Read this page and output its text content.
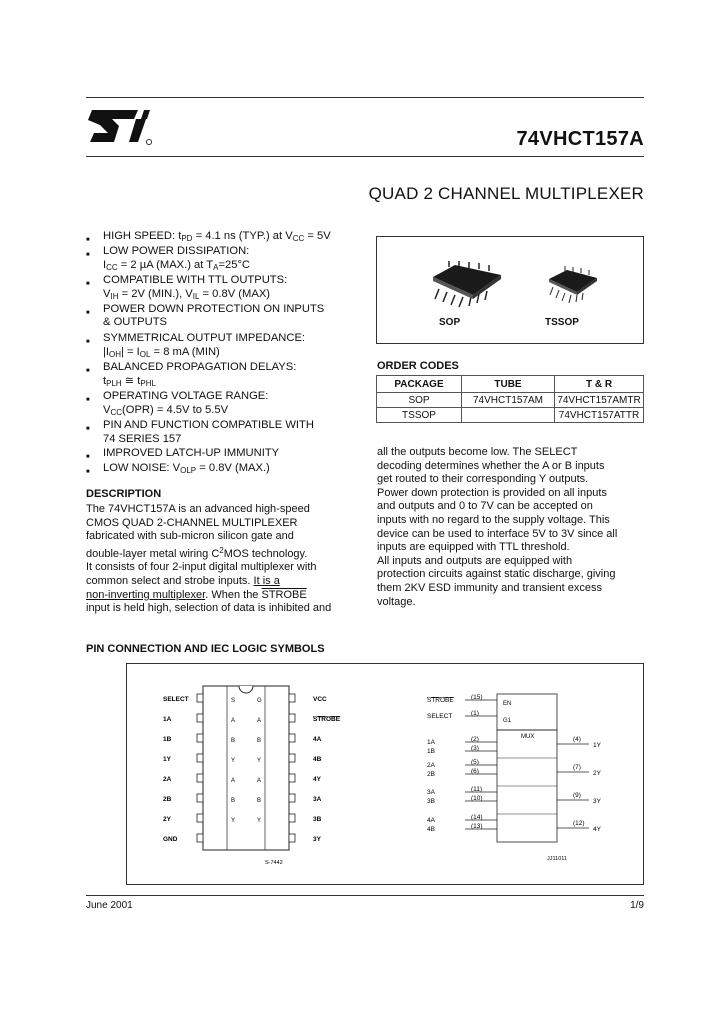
74VHCT157A
QUAD 2 CHANNEL MULTIPLEXER
■ HIGH SPEED: $t_{PD} = 4.1$ ns (TYP.) at $V_{CC} = 5V$
■ LOW POWER DISSIPATION:
$I_{CC} = 2$ µA (MAX.) at $T_A=25^\circ C$
■ COMPATIBLE WITH TTL OUTPUTS:
$V_{IH} = 2V$ (MIN.), $V_{IL} = 0.8V$ (MAX)
■ POWER DOWN PROTECTION ON INPUTS
& OUTPUTS
■ SYMMETRICAL OUTPUT IMPEDANCE:
$|I_{OH}| = I_{OL} = 8$ mA (MIN)
■ BALANCED PROPAGATION DELAYS:
$t_{PLH}$ ≅ $t_{PHL}$
■ OPERATING VOLTAGE RANGE:
$V_{CC}(OPR) = 4.5V$ to 5.5V
■ PIN AND FUNCTION COMPATIBLE WITH
74 SERIES 157
■ IMPROVED LATCH-UP IMMUNITY
■ LOW NOISE: $V_{OLP} = 0.8V$ (MAX.)
SOP	TSSOP
ORDER CODES
PACKAGE	TUBE	T & R
SOP	74VHCT157AM	74VHCT157AMTR
TSSOP		74VHCT157ATTR
DESCRIPTION
The 74VHCT157A is an advanced high-speed
CMOS QUAD 2-CHANNEL MULTIPLEXER
fabricated with sub-micron silicon gate and
double-layer metal wiring $C^2MOS$ technology.
It consists of four 2-input digital multiplexer with
common select and strobe inputs. It is a
non-inverting multiplexer. When the STROBE
input is held high, selection of data is inhibited and
all the outputs become low. The SELECT
decoding determines whether the A or B inputs
get routed to their corresponding Y outputs.
Power down protection is provided on all inputs
and outputs and 0 to 7V can be accepted on
inputs with no regard to the supply voltage. This
device can be used to interface 5V to 3V since all
inputs are equipped with TTL threshold.
All inputs and outputs are equipped with
protection circuits against static discharge, giving
them 2KV ESD immunity and transient excess
voltage.
PIN CONNECTION AND IEC LOGIC SYMBOLS
SELECT	VCC
1A	STROBE
1B	4A
1Y	4B
2A	4Y
2B	3A
2Y	3B
GND	3Y
S	G
A	A
B	B
Y	Y
A	A
B	B
Y	Y
S-7442
EN
G1
MUX
STROBE	(15)
SELECT	(1)
1A	(2)
1B	(3)
2A	(5)
2B	(6)
3A	(11)
3B	(10)
4A	(14)
4B	(13)
(4)
1Y
(7)
2Y
(9)
3Y
(12)
4Y
JJ11011
June 2001	1/9
